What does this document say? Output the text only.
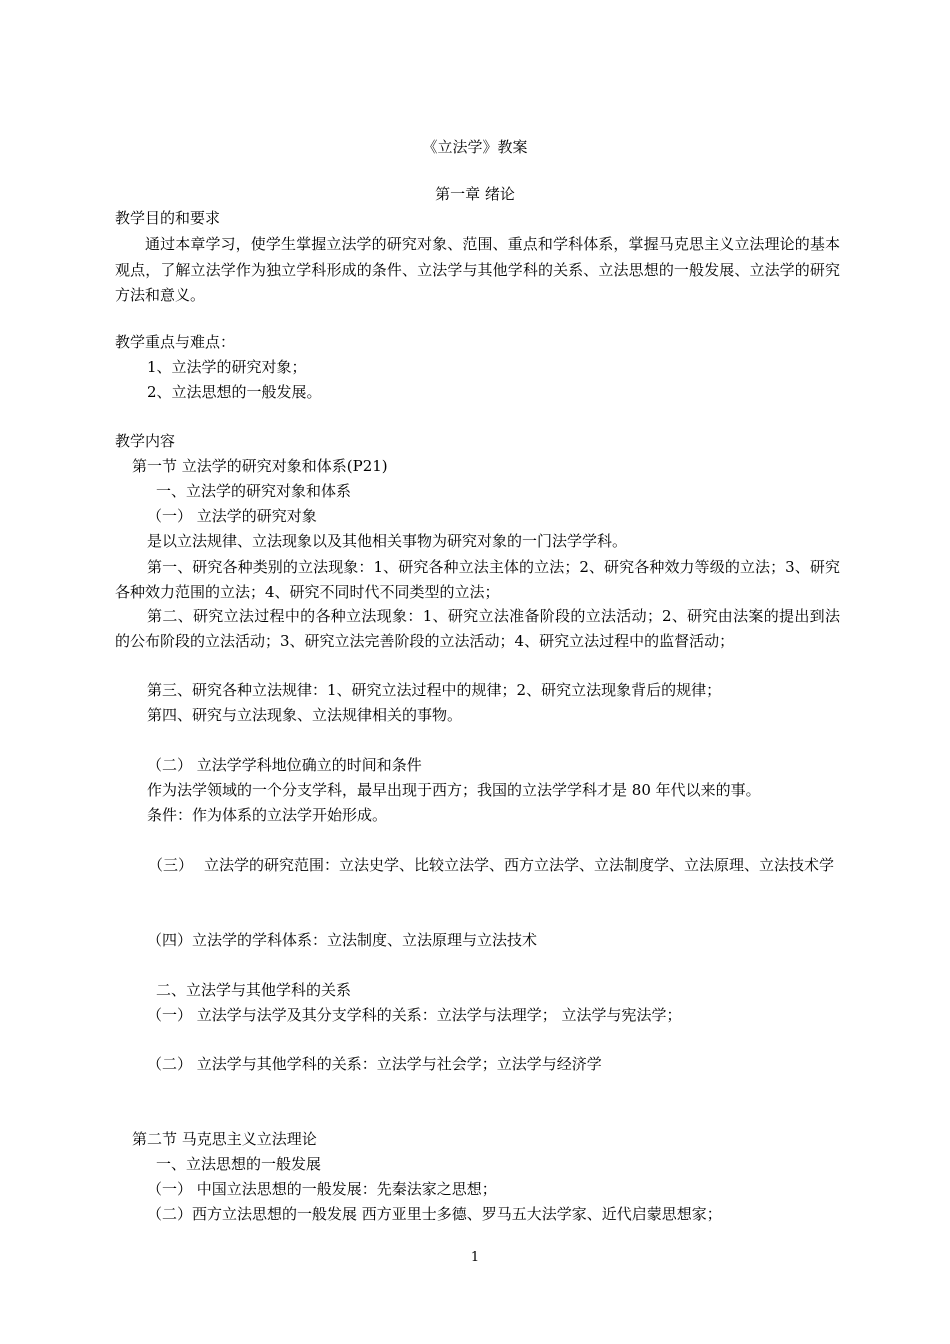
《立法学》教案
第一章 绪论
教学目的和要求
通过本章学习，使学生掌握立法学的研究对象、范围、重点和学科体系，掌握马克思主义立法理论的基本观点，了解立法学作为独立学科形成的条件、立法学与其他学科的关系、立法思想的一般发展、立法学的研究方法和意义。
教学重点与难点：
1、立法学的研究对象；
2、立法思想的一般发展。
教学内容
第一节 立法学的研究对象和体系(P21)
一、立法学的研究对象和体系
（一） 立法学的研究对象
是以立法规律、立法现象以及其他相关事物为研究对象的一门法学学科。
第一、研究各种类别的立法现象：1、研究各种立法主体的立法；2、研究各种效力等级的立法；3、研究各种效力范围的立法；4、研究不同时代不同类型的立法；
第二、研究立法过程中的各种立法现象：1、研究立法准备阶段的立法活动；2、研究由法案的提出到法的公布阶段的立法活动；3、研究立法完善阶段的立法活动；4、研究立法过程中的监督活动；
第三、研究各种立法规律：1、研究立法过程中的规律；2、研究立法现象背后的规律；
第四、研究与立法现象、立法规律相关的事物。
（二） 立法学学科地位确立的时间和条件
作为法学领域的一个分支学科，最早出现于西方；我国的立法学学科才是 80 年代以来的事。
条件：作为体系的立法学开始形成。
（三） 立法学的研究范围：立法史学、比较立法学、西方立法学、立法制度学、立法原理、立法技术学
（四）立法学的学科体系：立法制度、立法原理与立法技术
二、立法学与其他学科的关系
（一） 立法学与法学及其分支学科的关系：立法学与法理学； 立法学与宪法学；
（二） 立法学与其他学科的关系：立法学与社会学；立法学与经济学
第二节 马克思主义立法理论
一、立法思想的一般发展
（一） 中国立法思想的一般发展：先秦法家之思想；
（二）西方立法思想的一般发展 西方亚里士多德、罗马五大法学家、近代启蒙思想家；
1
